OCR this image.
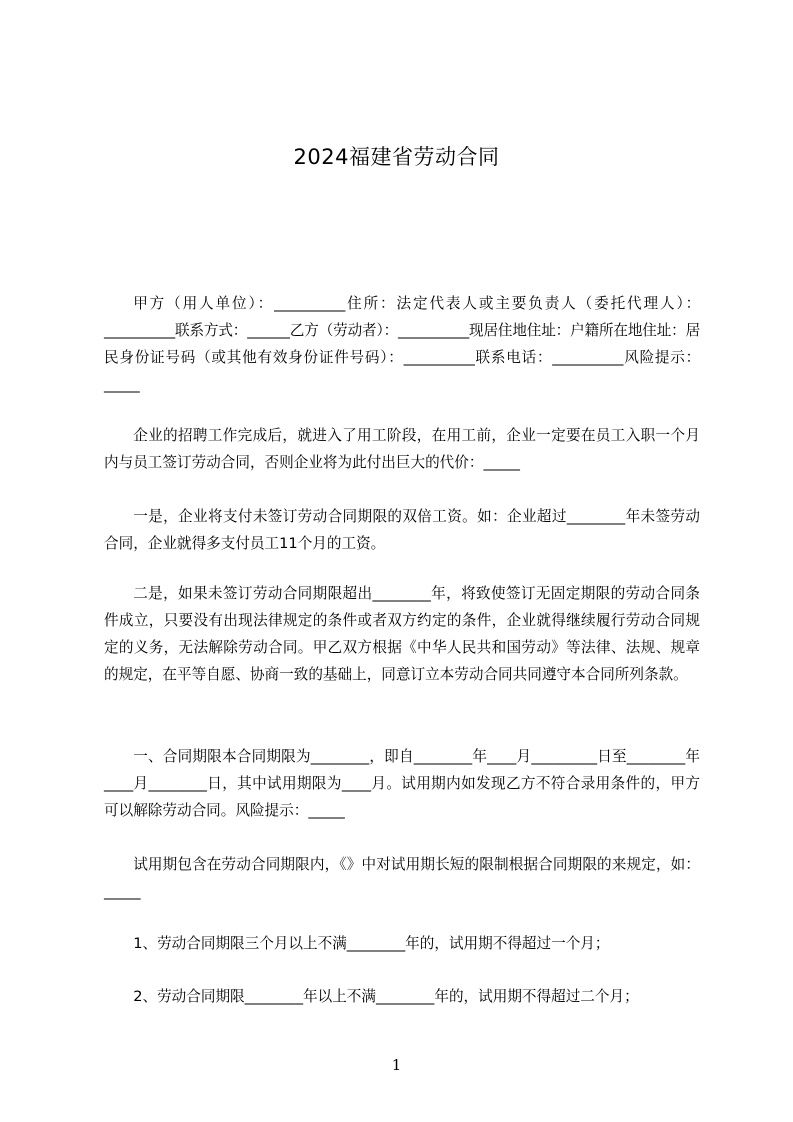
2024福建省劳动合同

甲方（用人单位）：__________住所：法定代表人或主要负责人（委托代理人）：__________联系方式：______乙方（劳动者）：__________现居住地住址：户籍所在地住址：居民身份证号码（或其他有效身份证件号码）：__________联系电话：__________风险提示：_____

企业的招聘工作完成后，就进入了用工阶段，在用工前，企业一定要在员工入职一个月内与员工签订劳动合同，否则企业将为此付出巨大的代价：_____

一是，企业将支付未签订劳动合同期限的双倍工资。如：企业超过________年未签劳动合同，企业就得多支付员工11个月的工资。

二是，如果未签订劳动合同期限超出________年，将致使签订无固定期限的劳动合同条件成立，只要没有出现法律规定的条件或者双方约定的条件，企业就得继续履行劳动合同规定的义务，无法解除劳动合同。甲乙双方根据《中华人民共和国劳动》等法律、法规、规章的规定，在平等自愿、协商一致的基础上，同意订立本劳动合同共同遵守本合同所列条款。

一、合同期限本合同期限为________，即自________年____月_________日至________年____月________日，其中试用期限为____月。试用期内如发现乙方不符合录用条件的，甲方可以解除劳动合同。风险提示：_____

试用期包含在劳动合同期限内，《》中对试用期长短的限制根据合同期限的来规定，如：_____

1、劳动合同期限三个月以上不满________年的，试用期不得超过一个月；

2、劳动合同期限________年以上不满________年的，试用期不得超过二个月；

1
